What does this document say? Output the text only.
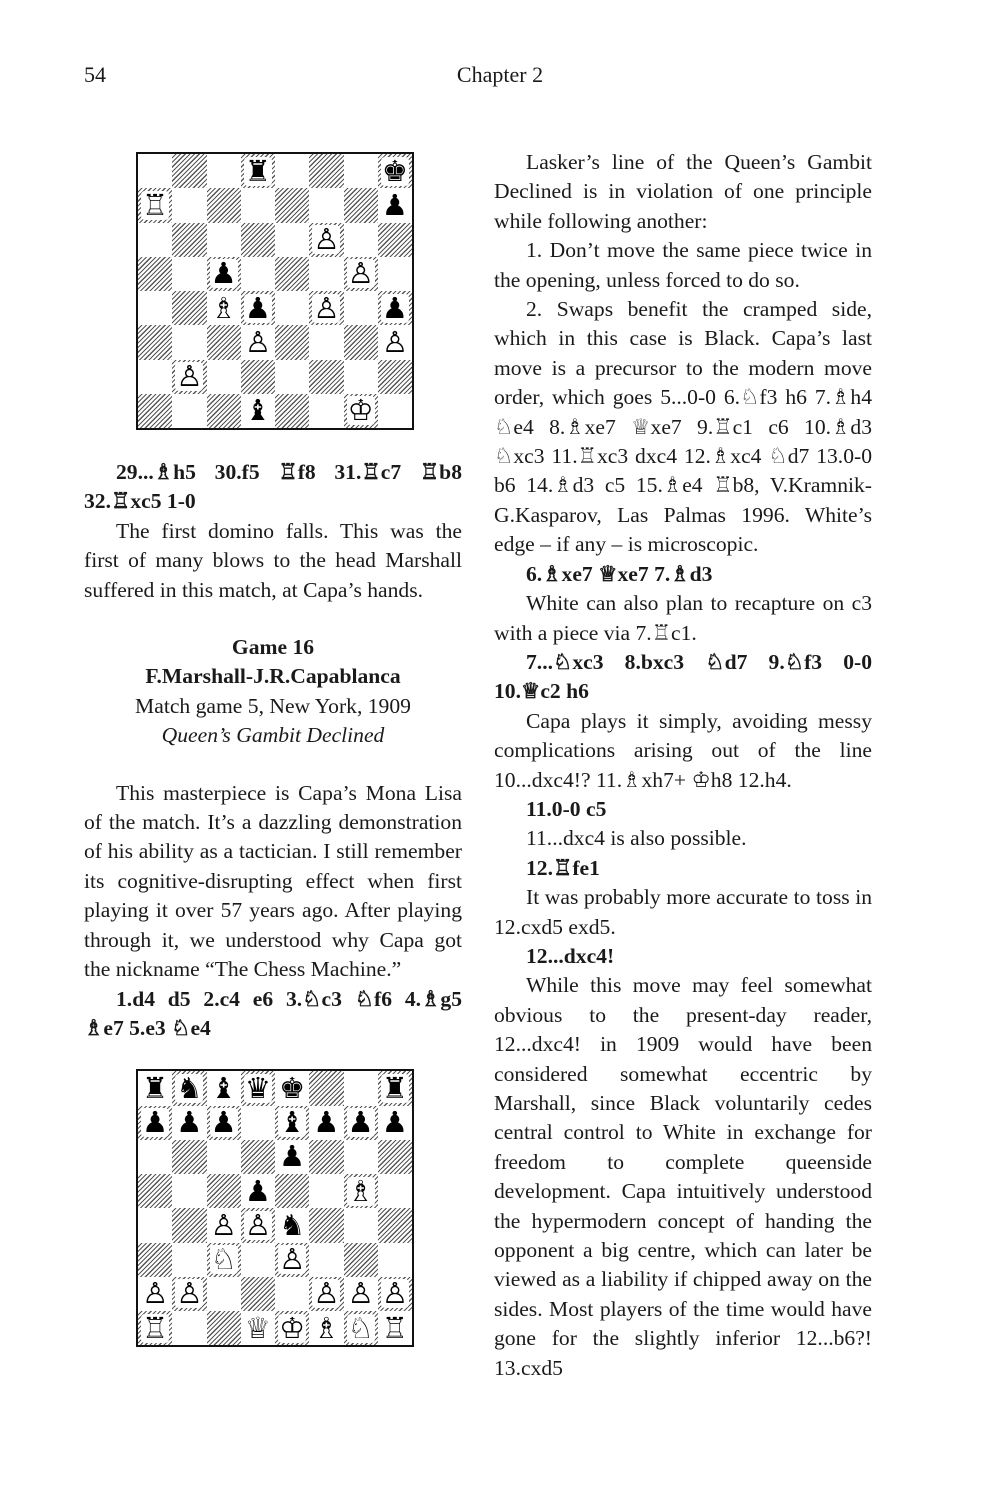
54	Chapter 2
♜	♚
♖	♟
♙
♟	♙
♗ ♟ ♙ ♟
♙	♙
♙
♝	♔

29...♗h5 30.f5 ♖f8 31.♖c7 ♖b8 32.♖xc5 1-0

The first domino falls. This was the first of many blows to the head Marshall suffered in this match, at Capa’s hands.

Game 16

F.Marshall-J.R.Capablanca

Match game 5, New York, 1909

Queen’s Gambit Declined

This masterpiece is Capa’s Mona Lisa of the match. It’s a dazzling demonstration of his ability as a tactician. I still remember its cognitive-disrupting effect when first playing it over 57 years ago. After playing through it, we understood why Capa got the nickname “The Chess Machine.”

1.d4 d5 2.c4 e6 3.♘c3 ♘f6 4.♗g5 ♗e7 5.e3 ♘e4

♜ ♞ ♝ ♛ ♚	♜
♟ ♟ ♟ ♝ ♟ ♟ ♟
♟
♟	♗
♙ ♙ ♞
♘ ♙
♙ ♙	♙ ♙ ♙
♖	♕ ♔ ♗ ♘ ♖

Lasker’s line of the Queen’s Gambit Declined is in violation of one principle while following another:

1. Don’t move the same piece twice in the opening, unless forced to do so.

2. Swaps benefit the cramped side, which in this case is Black. Capa’s last move is a precursor to the modern move order, which goes 5...0-0 6.♘f3 h6 7.♗h4 ♘e4 8.♗xe7 ♕xe7 9.♖c1 c6 10.♗d3 ♘xc3 11.♖xc3 dxc4 12.♗xc4 ♘d7 13.0-0 b6 14.♗d3 c5 15.♗e4 ♖b8, V.Kramnik-G.Kasparov, Las Palmas 1996. White’s edge – if any – is microscopic.

6.♗xe7 ♕xe7 7.♗d3

White can also plan to recapture on c3 with a piece via 7.♖c1.

7...♘xc3 8.bxc3 ♘d7 9.♘f3 0-0 10.♕c2 h6

Capa plays it simply, avoiding messy complications arising out of the line 10...dxc4!? 11.♗xh7+ ♔h8 12.h4.

11.0-0 c5

11...dxc4 is also possible.

12.♖fe1

It was probably more accurate to toss in 12.cxd5 exd5.

12...dxc4!

While this move may feel somewhat obvious to the present-day reader, 12...dxc4! in 1909 would have been considered somewhat eccentric by Marshall, since Black voluntarily cedes central control to White in exchange for freedom to complete queenside development. Capa intuitively understood the hypermodern concept of handing the opponent a big centre, which can later be viewed as a liability if chipped away on the sides. Most players of the time would have gone for the slightly inferior 12...b6?! 13.cxd5
